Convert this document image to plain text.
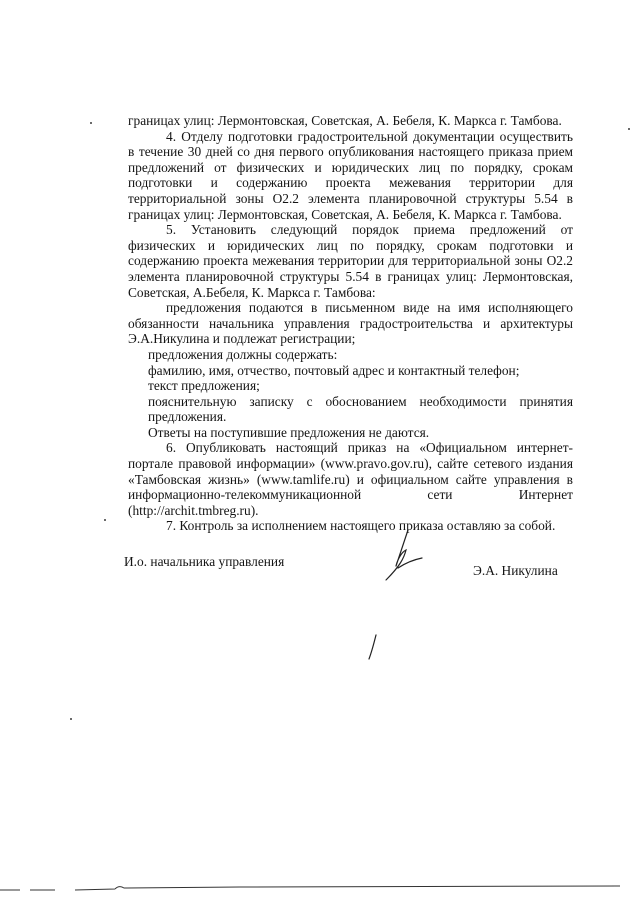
границах улиц: Лермонтовская, Советская, А. Бебеля, К. Маркса г. Тамбова.

4. Отделу подготовки градостроительной документации осуществить в течение 30 дней со дня первого опубликования настоящего приказа прием предложений от физических и юридических лиц по порядку, срокам подготовки и содержанию проекта межевания территории для территориальной зоны О2.2 элемента планировочной структуры 5.54 в границах улиц: Лермонтовская, Советская, А. Бебеля, К. Маркса г. Тамбова.

5. Установить следующий порядок приема предложений от физических и юридических лиц по порядку, срокам подготовки и содержанию проекта межевания территории для территориальной зоны О2.2 элемента планировочной структуры 5.54 в границах улиц: Лермонтовская, Советская, А.Бебеля, К. Маркса г. Тамбова:

предложения подаются в письменном виде на имя исполняющего обязанности начальника управления градостроительства и архитектуры Э.А.Никулина и подлежат регистрации;

предложения должны содержать:

фамилию, имя, отчество, почтовый адрес и контактный телефон;

текст предложения;

пояснительную записку с обоснованием необходимости принятия предложения.

Ответы на поступившие предложения не даются.

6. Опубликовать настоящий приказ на «Официальном интернет-портале правовой информации» (www.pravo.gov.ru), сайте сетевого издания «Тамбовская жизнь» (www.tamlife.ru) и официальном сайте управления в информационно-телекоммуникационной сети Интернет (http://archit.tmbreg.ru).

7. Контроль за исполнением настоящего приказа оставляю за собой.

И.о. начальника управления
Э.А. Никулина
